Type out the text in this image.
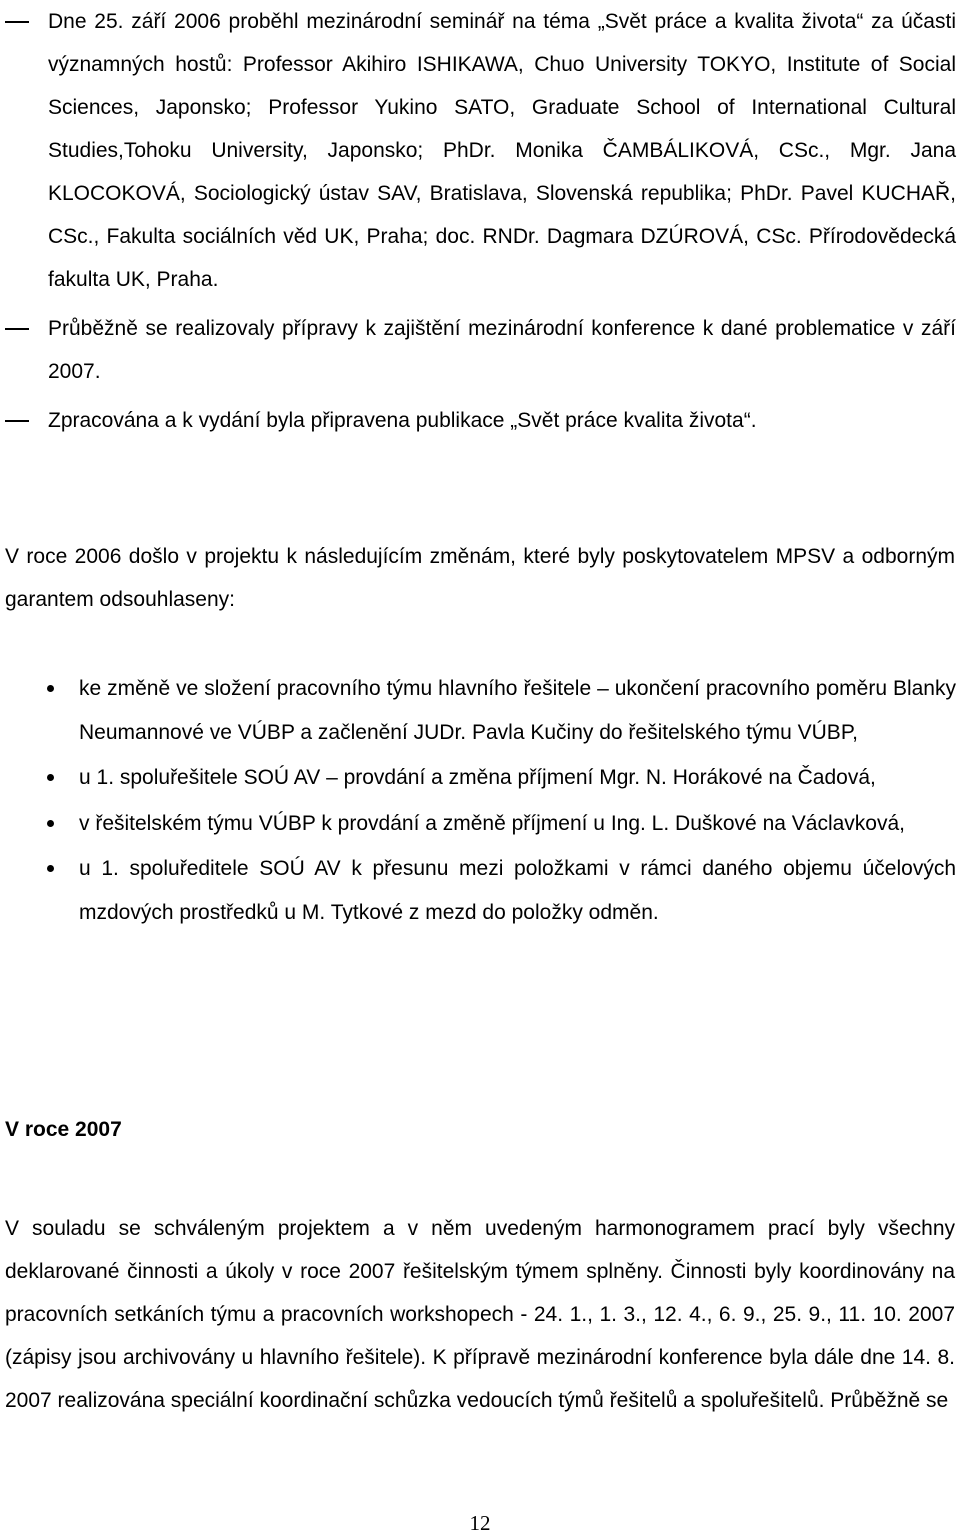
Dne 25. září 2006 proběhl mezinárodní seminář na téma „Svět práce a kvalita života“ za účasti významných hostů: Professor Akihiro ISHIKAWA, Chuo University TOKYO, Institute of Social Sciences, Japonsko; Professor Yukino SATO, Graduate School of International Cultural Studies,Tohoku University, Japonsko; PhDr. Monika ČAMBÁLIKOVÁ, CSc., Mgr. Jana KLOCOKOVÁ, Sociologický ústav SAV, Bratislava, Slovenská republika; PhDr. Pavel KUCHAŘ, CSc., Fakulta sociálních věd UK, Praha; doc. RNDr. Dagmara DZÚROVÁ, CSc. Přírodovědecká fakulta UK, Praha.
Průběžně se realizovaly přípravy k zajištění mezinárodní konference k dané problematice v září 2007.
Zpracována a k vydání byla připravena publikace „Svět práce kvalita života“.
V roce 2006 došlo v projektu k následujícím změnám, které byly poskytovatelem MPSV a odborným garantem odsouhlaseny:
ke změně ve složení pracovního týmu hlavního řešitele – ukončení pracovního poměru Blanky Neumannové ve VÚBP a začlenění JUDr. Pavla Kučiny do řešitelského týmu VÚBP,
u 1. spoluřešitele SOÚ AV – provdání a změna příjmení Mgr. N. Horákové na Čadová,
v řešitelském týmu VÚBP k provdání a změně příjmení u Ing. L. Duškové na Václavková,
u 1. spoluředitele SOÚ AV k přesunu mezi položkami v rámci daného objemu účelových mzdových prostředků u M. Tytkové z mezd do položky odměn.
V roce 2007
V souladu se schváleným projektem a v něm uvedeným harmonogramem prací byly všechny deklarované činnosti a úkoly v roce 2007 řešitelským týmem splněny. Činnosti byly koordinovány na pracovních setkáních týmu a pracovních workshopech - 24. 1., 1. 3., 12. 4., 6. 9., 25. 9., 11. 10. 2007 (zápisy jsou archivovány u hlavního řešitele). K přípravě mezinárodní konference byla dále dne 14. 8. 2007 realizována speciální koordinační schůzka vedoucích týmů řešitelů a spoluřešitelů. Průběžně se
12
